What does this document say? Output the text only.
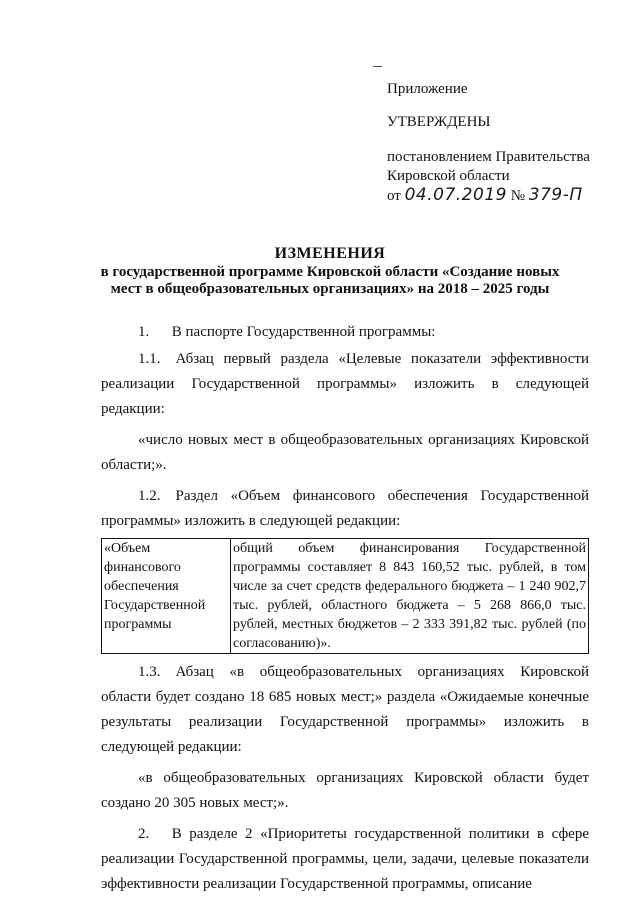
Приложение
УТВЕРЖДЕНЫ
постановлением Правительства
Кировской области
от 04.07.2019 № 379-П
ИЗМЕНЕНИЯ
в государственной программе Кировской области «Создание новых
мест в общеобразовательных организациях» на 2018 – 2025 годы

1.  В паспорте Государственной программы:

1.1. Абзац первый раздела «Целевые показатели эффективности реализации Государственной программы» изложить в следующей редакции:

«число новых мест в общеобразовательных организациях Кировской области;».

1.2. Раздел «Объем финансового обеспечения Государственной программы» изложить в следующей редакции:

«Объем финансового обеспечения Государственной программы	общий объем финансирования Государственной программы составляет 8 843 160,52 тыс. рублей, в том числе за счет средств федерального бюджета – 1 240 902,7 тыс. рублей, областного бюджета – 5 268 866,0 тыс. рублей, местных бюджетов – 2 333 391,82 тыс. рублей (по согласованию)».

1.3. Абзац «в общеобразовательных организациях Кировской области будет создано 18 685 новых мест;» раздела «Ожидаемые конечные результаты реализации Государственной программы» изложить в следующей редакции:

«в общеобразовательных организациях Кировской области будет создано 20 305 новых мест;».

2.  В разделе 2 «Приоритеты государственной политики в сфере реализации Государственной программы, цели, задачи, целевые показатели эффективности реализации Государственной программы, описание
